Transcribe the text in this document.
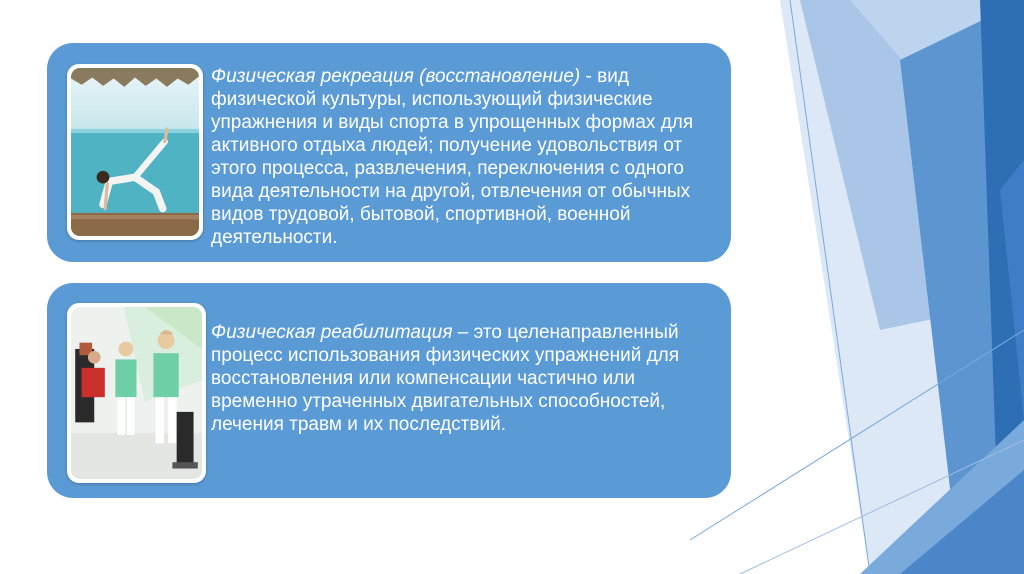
Физическая рекреация (восстановление) - вид физической культуры, использующий физические упражнения и виды спорта в упрощенных формах для активного отдыха людей; получение удовольствия от этого процесса, развлечения, переключения с одного вида деятельности на другой, отвлечения от обычных видов трудовой, бытовой, спортивной, военной деятельности.
Физическая реабилитация – это целенаправленный процесс использования физических упражнений для восстановления или компенсации частично или временно утраченных двигательных способностей, лечения травм и их последствий.
